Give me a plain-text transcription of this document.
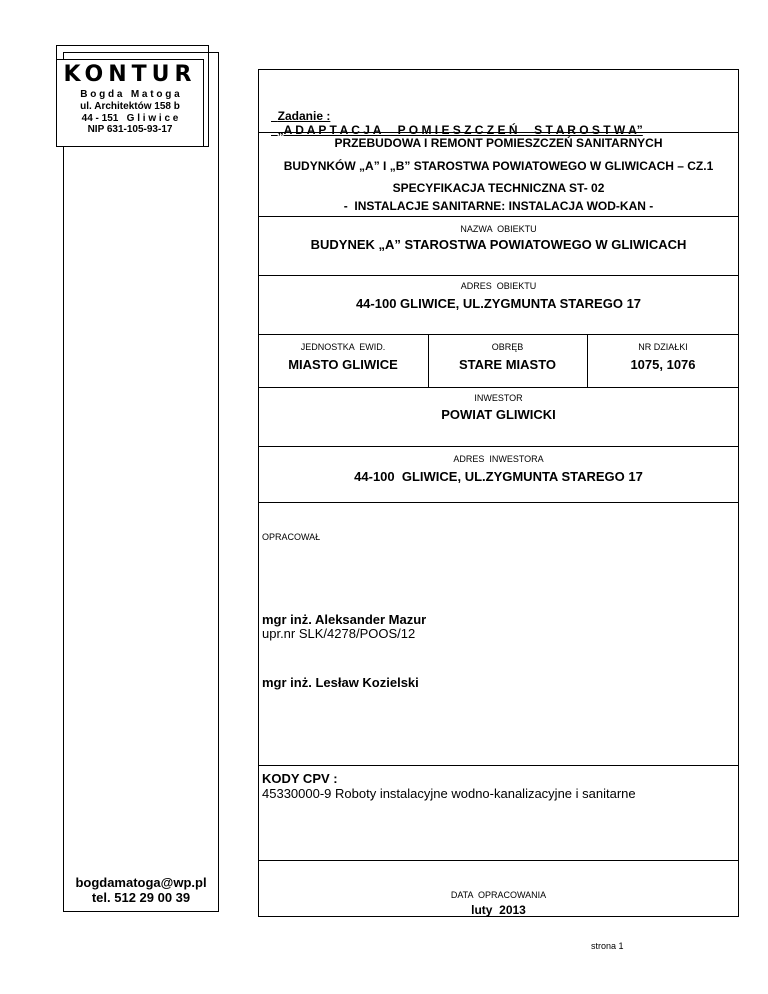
KONTUR
B o g d a   M a t o g a
ul. Architektów 158 b
44 - 151   G l i w i c e
NIP 631-105-93-17
bogdamatoga@wp.pl
tel. 512 29 00 39

Zadanie :
„A D A P T A C J A     P O M I E S Z C Z E Ń     S T A R O S T W A”

PRZEBUDOWA I REMONT POMIESZCZEŃ SANITARNYCH
BUDYNKÓW „A” I „B” STAROSTWA POWIATOWEGO W GLIWICACH – CZ.1
SPECYFIKACJA TECHNICZNA ST- 02
-  INSTALACJE SANITARNE: INSTALACJA WOD-KAN -
NAZWA  OBIEKTU
BUDYNEK „A” STAROSTWA POWIATOWEGO W GLIWICACH
ADRES  OBIEKTU
44-100 GLIWICE, UL.ZYGMUNTA STAREGO 17
JEDNOSTKA  EWID.
MIASTO GLIWICE
OBRĘB
STARE MIASTO
NR DZIAŁKI
1075, 1076
INWESTOR
POWIAT GLIWICKI
ADRES  INWESTORA
44-100  GLIWICE, UL.ZYGMUNTA STAREGO 17
OPRACOWAŁ
mgr inż. Aleksander Mazur
upr.nr SLK/4278/POOS/12
mgr inż. Lesław Kozielski
KODY CPV :
45330000-9 Roboty instalacyjne wodno-kanalizacyjne i sanitarne
DATA  OPRACOWANIA
luty  2013
strona 1
